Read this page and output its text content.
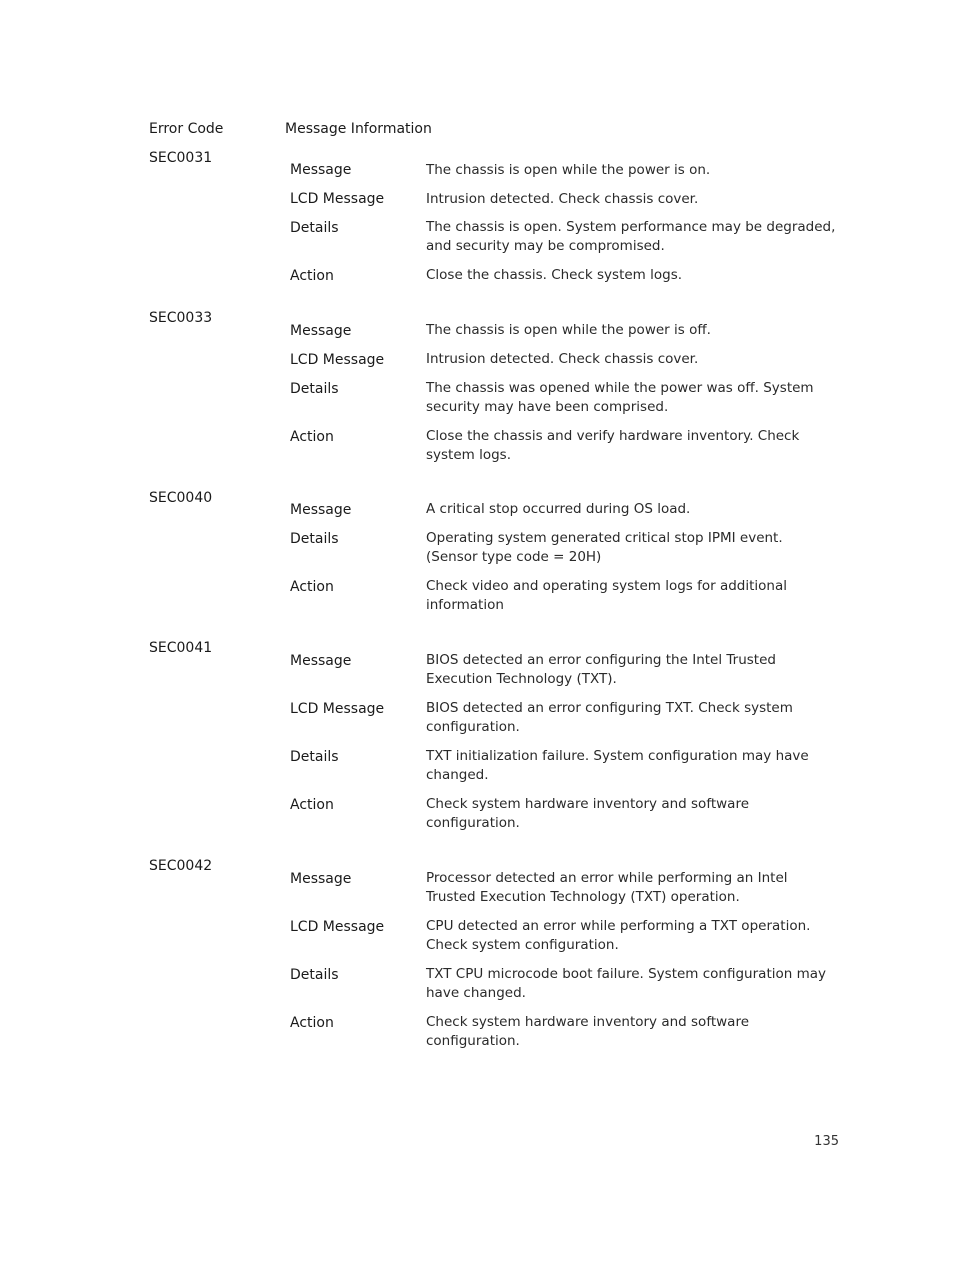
Error Code	Message Information
SEC0031
Message	The chassis is open while the power is on.
LCD Message	Intrusion detected. Check chassis cover.
Details	The chassis is open. System performance may be degraded, and security may be compromised.
Action	Close the chassis. Check system logs.
SEC0033
Message	The chassis is open while the power is off.
LCD Message	Intrusion detected. Check chassis cover.
Details	The chassis was opened while the power was off. System security may have been comprised.
Action	Close the chassis and verify hardware inventory. Check system logs.
SEC0040
Message	A critical stop occurred during OS load.
Details	Operating system generated critical stop IPMI event. (Sensor type code = 20H)
Action	Check video and operating system logs for additional information
SEC0041
Message	BIOS detected an error configuring the Intel Trusted Execution Technology (TXT).
LCD Message	BIOS detected an error configuring TXT. Check system configuration.
Details	TXT initialization failure. System configuration may have changed.
Action	Check system hardware inventory and software configuration.
SEC0042
Message	Processor detected an error while performing an Intel Trusted Execution Technology (TXT) operation.
LCD Message	CPU detected an error while performing a TXT operation. Check system configuration.
Details	TXT CPU microcode boot failure. System configuration may have changed.
Action	Check system hardware inventory and software configuration.
135
